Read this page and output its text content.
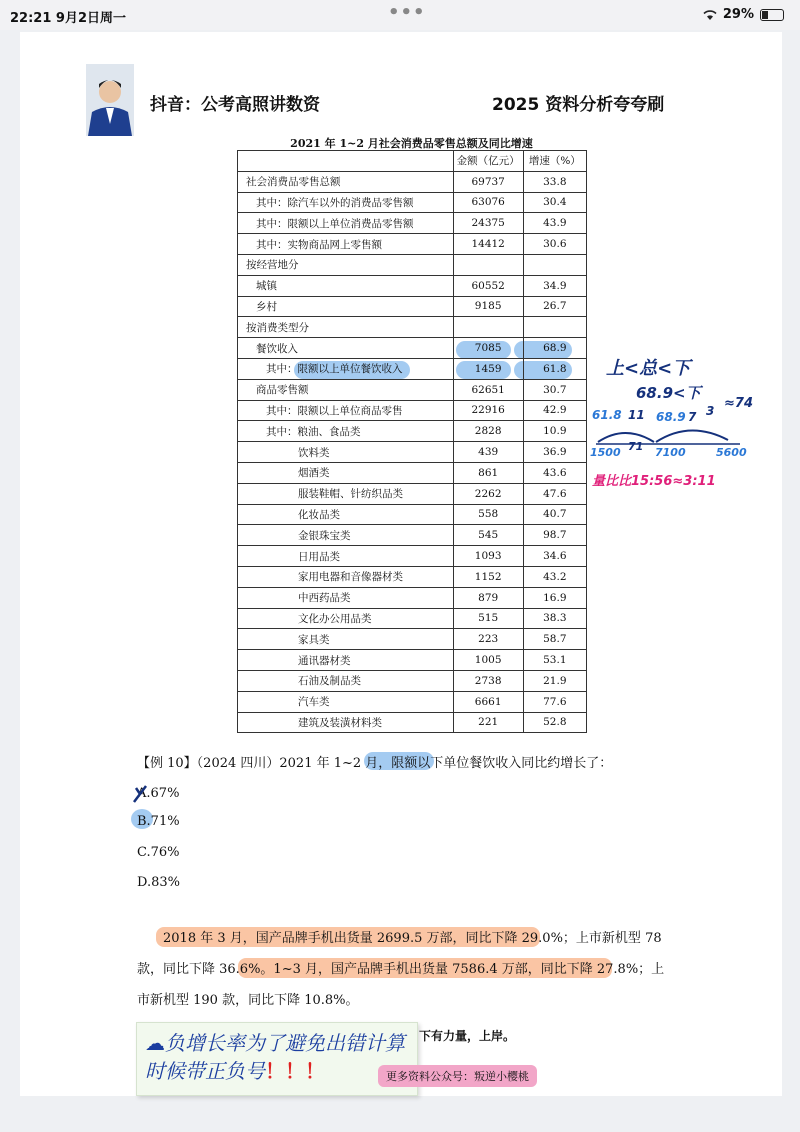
22:21 9月2日周一	•••	29%
抖音：公考高照讲数资	2025 资料分析夸夸刷
2021 年 1~2 月社会消费品零售总额及同比增速
	金额（亿元）	增速（%）
社会消费品零售总额	69737	33.8
其中：除汽车以外的消费品零售额	63076	30.4
其中：限额以上单位消费品零售额	24375	43.9
其中：实物商品网上零售额	14412	30.6
按经营地分		
城镇	60552	34.9
乡村	9185	26.7
按消费类型分		
餐饮收入	7085	68.9
其中：限额以上单位餐饮收入	1459	61.8
商品零售额	62651	30.7
其中：限额以上单位商品零售	22916	42.9
其中：粮油、食品类	2828	10.9
饮料类	439	36.9
烟酒类	861	43.6
服装鞋帽、针纺织品类	2262	47.6
化妆品类	558	40.7
金银珠宝类	545	98.7
日用品类	1093	34.6
家用电器和音像器材类	1152	43.2
中西药品类	879	16.9
文化办公用品类	515	38.3
家具类	223	58.7
通讯器材类	1005	53.1
石油及制品类	2738	21.9
汽车类	6661	77.6
建筑及装潢材料类	221	52.8
上<总<下
68.9<下
61.8 11 68.9 7 3 ≈74
1500 71 7100	5600
量比比15:56≈3:11
【例 10】（2024 四川）2021 年 1~2 月，限额以下单位餐饮收入同比约增长了：
A.67%
B.71%
C.76%
D.83%
2018 年 3 月，国产品牌手机出货量 2699.5 万部，同比下降 29.0%；上市新机型 78 款，同比下降 36.6%。1~3 月，国产品牌手机出货量 7586.4 万部，同比下降 27.8%；上市新机型 190 款，同比下降 10.8%。
☁负增长率为了避免出错计算时候带正负号！！！
下有力量，上岸。
更多资料公众号：叛逆小樱桃
